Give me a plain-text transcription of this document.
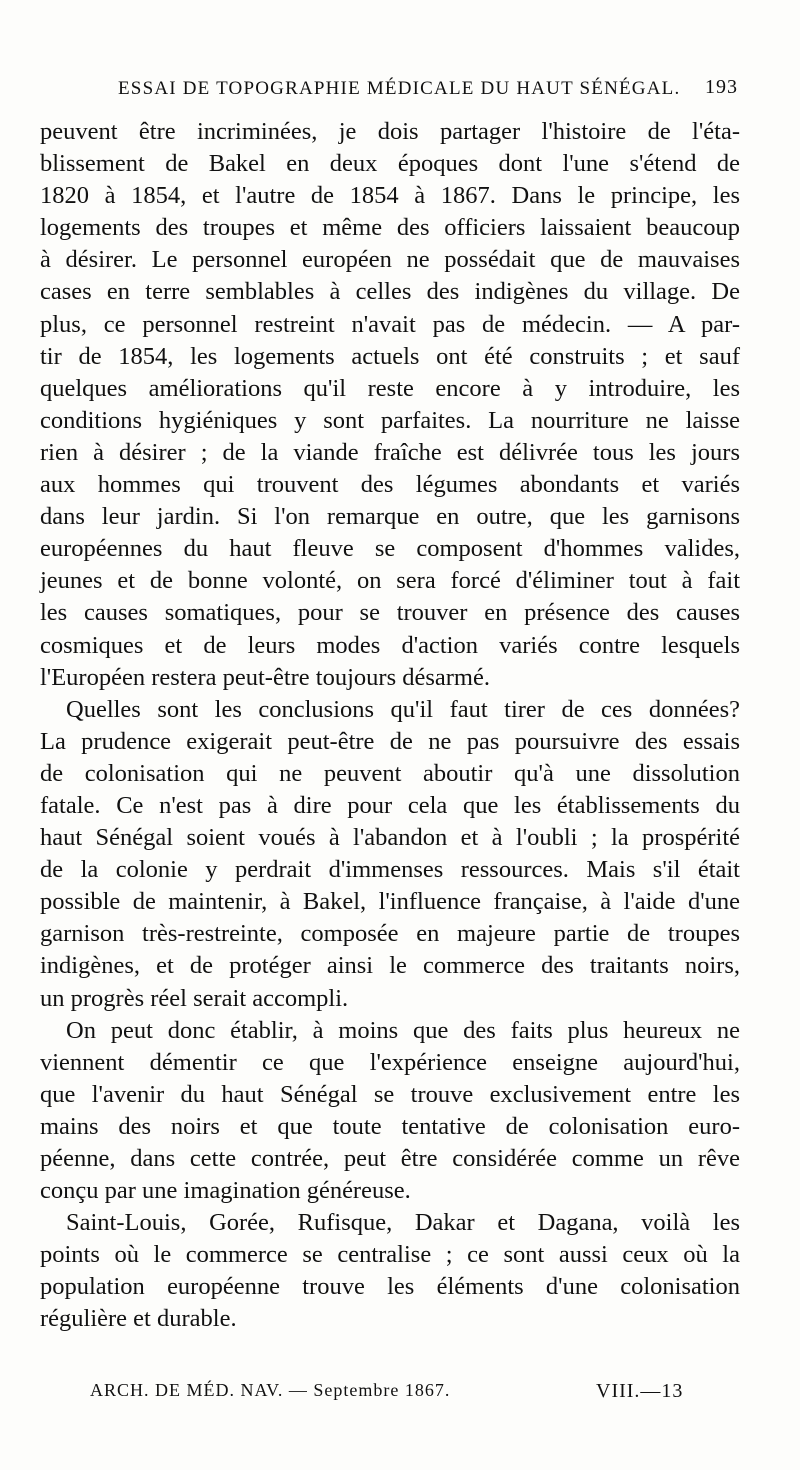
ESSAI DE TOPOGRAPHIE MÉDICALE DU HAUT SÉNÉGAL. 193
peuvent être incriminées, je dois partager l'histoire de l'éta-
blissement de Bakel en deux époques dont l'une s'étend de
1820 à 1854, et l'autre de 1854 à 1867. Dans le principe, les
logements des troupes et même des officiers laissaient beaucoup
à désirer. Le personnel européen ne possédait que de mauvaises
cases en terre semblables à celles des indigènes du village. De
plus, ce personnel restreint n'avait pas de médecin. — A par-
tir de 1854, les logements actuels ont été construits ; et sauf
quelques améliorations qu'il reste encore à y introduire, les
conditions hygiéniques y sont parfaites. La nourriture ne laisse
rien à désirer ; de la viande fraîche est délivrée tous les jours
aux hommes qui trouvent des légumes abondants et variés
dans leur jardin. Si l'on remarque en outre, que les garnisons
européennes du haut fleuve se composent d'hommes valides,
jeunes et de bonne volonté, on sera forcé d'éliminer tout à fait
les causes somatiques, pour se trouver en présence des causes
cosmiques et de leurs modes d'action variés contre lesquels
l'Européen restera peut-être toujours désarmé.
Quelles sont les conclusions qu'il faut tirer de ces données?
La prudence exigerait peut-être de ne pas poursuivre des essais
de colonisation qui ne peuvent aboutir qu'à une dissolution
fatale. Ce n'est pas à dire pour cela que les établissements du
haut Sénégal soient voués à l'abandon et à l'oubli ; la prospérité
de la colonie y perdrait d'immenses ressources. Mais s'il était
possible de maintenir, à Bakel, l'influence française, à l'aide d'une
garnison très-restreinte, composée en majeure partie de troupes
indigènes, et de protéger ainsi le commerce des traitants noirs,
un progrès réel serait accompli.
On peut donc établir, à moins que des faits plus heureux ne
viennent démentir ce que l'expérience enseigne aujourd'hui,
que l'avenir du haut Sénégal se trouve exclusivement entre les
mains des noirs et que toute tentative de colonisation euro-
péenne, dans cette contrée, peut être considérée comme un rêve
conçu par une imagination généreuse.
Saint-Louis, Gorée, Rufisque, Dakar et Dagana, voilà les
points où le commerce se centralise ; ce sont aussi ceux où la
population européenne trouve les éléments d'une colonisation
régulière et durable.
ARCH. DE MÉD. NAV. — Septembre 1867.	VIII.—13
